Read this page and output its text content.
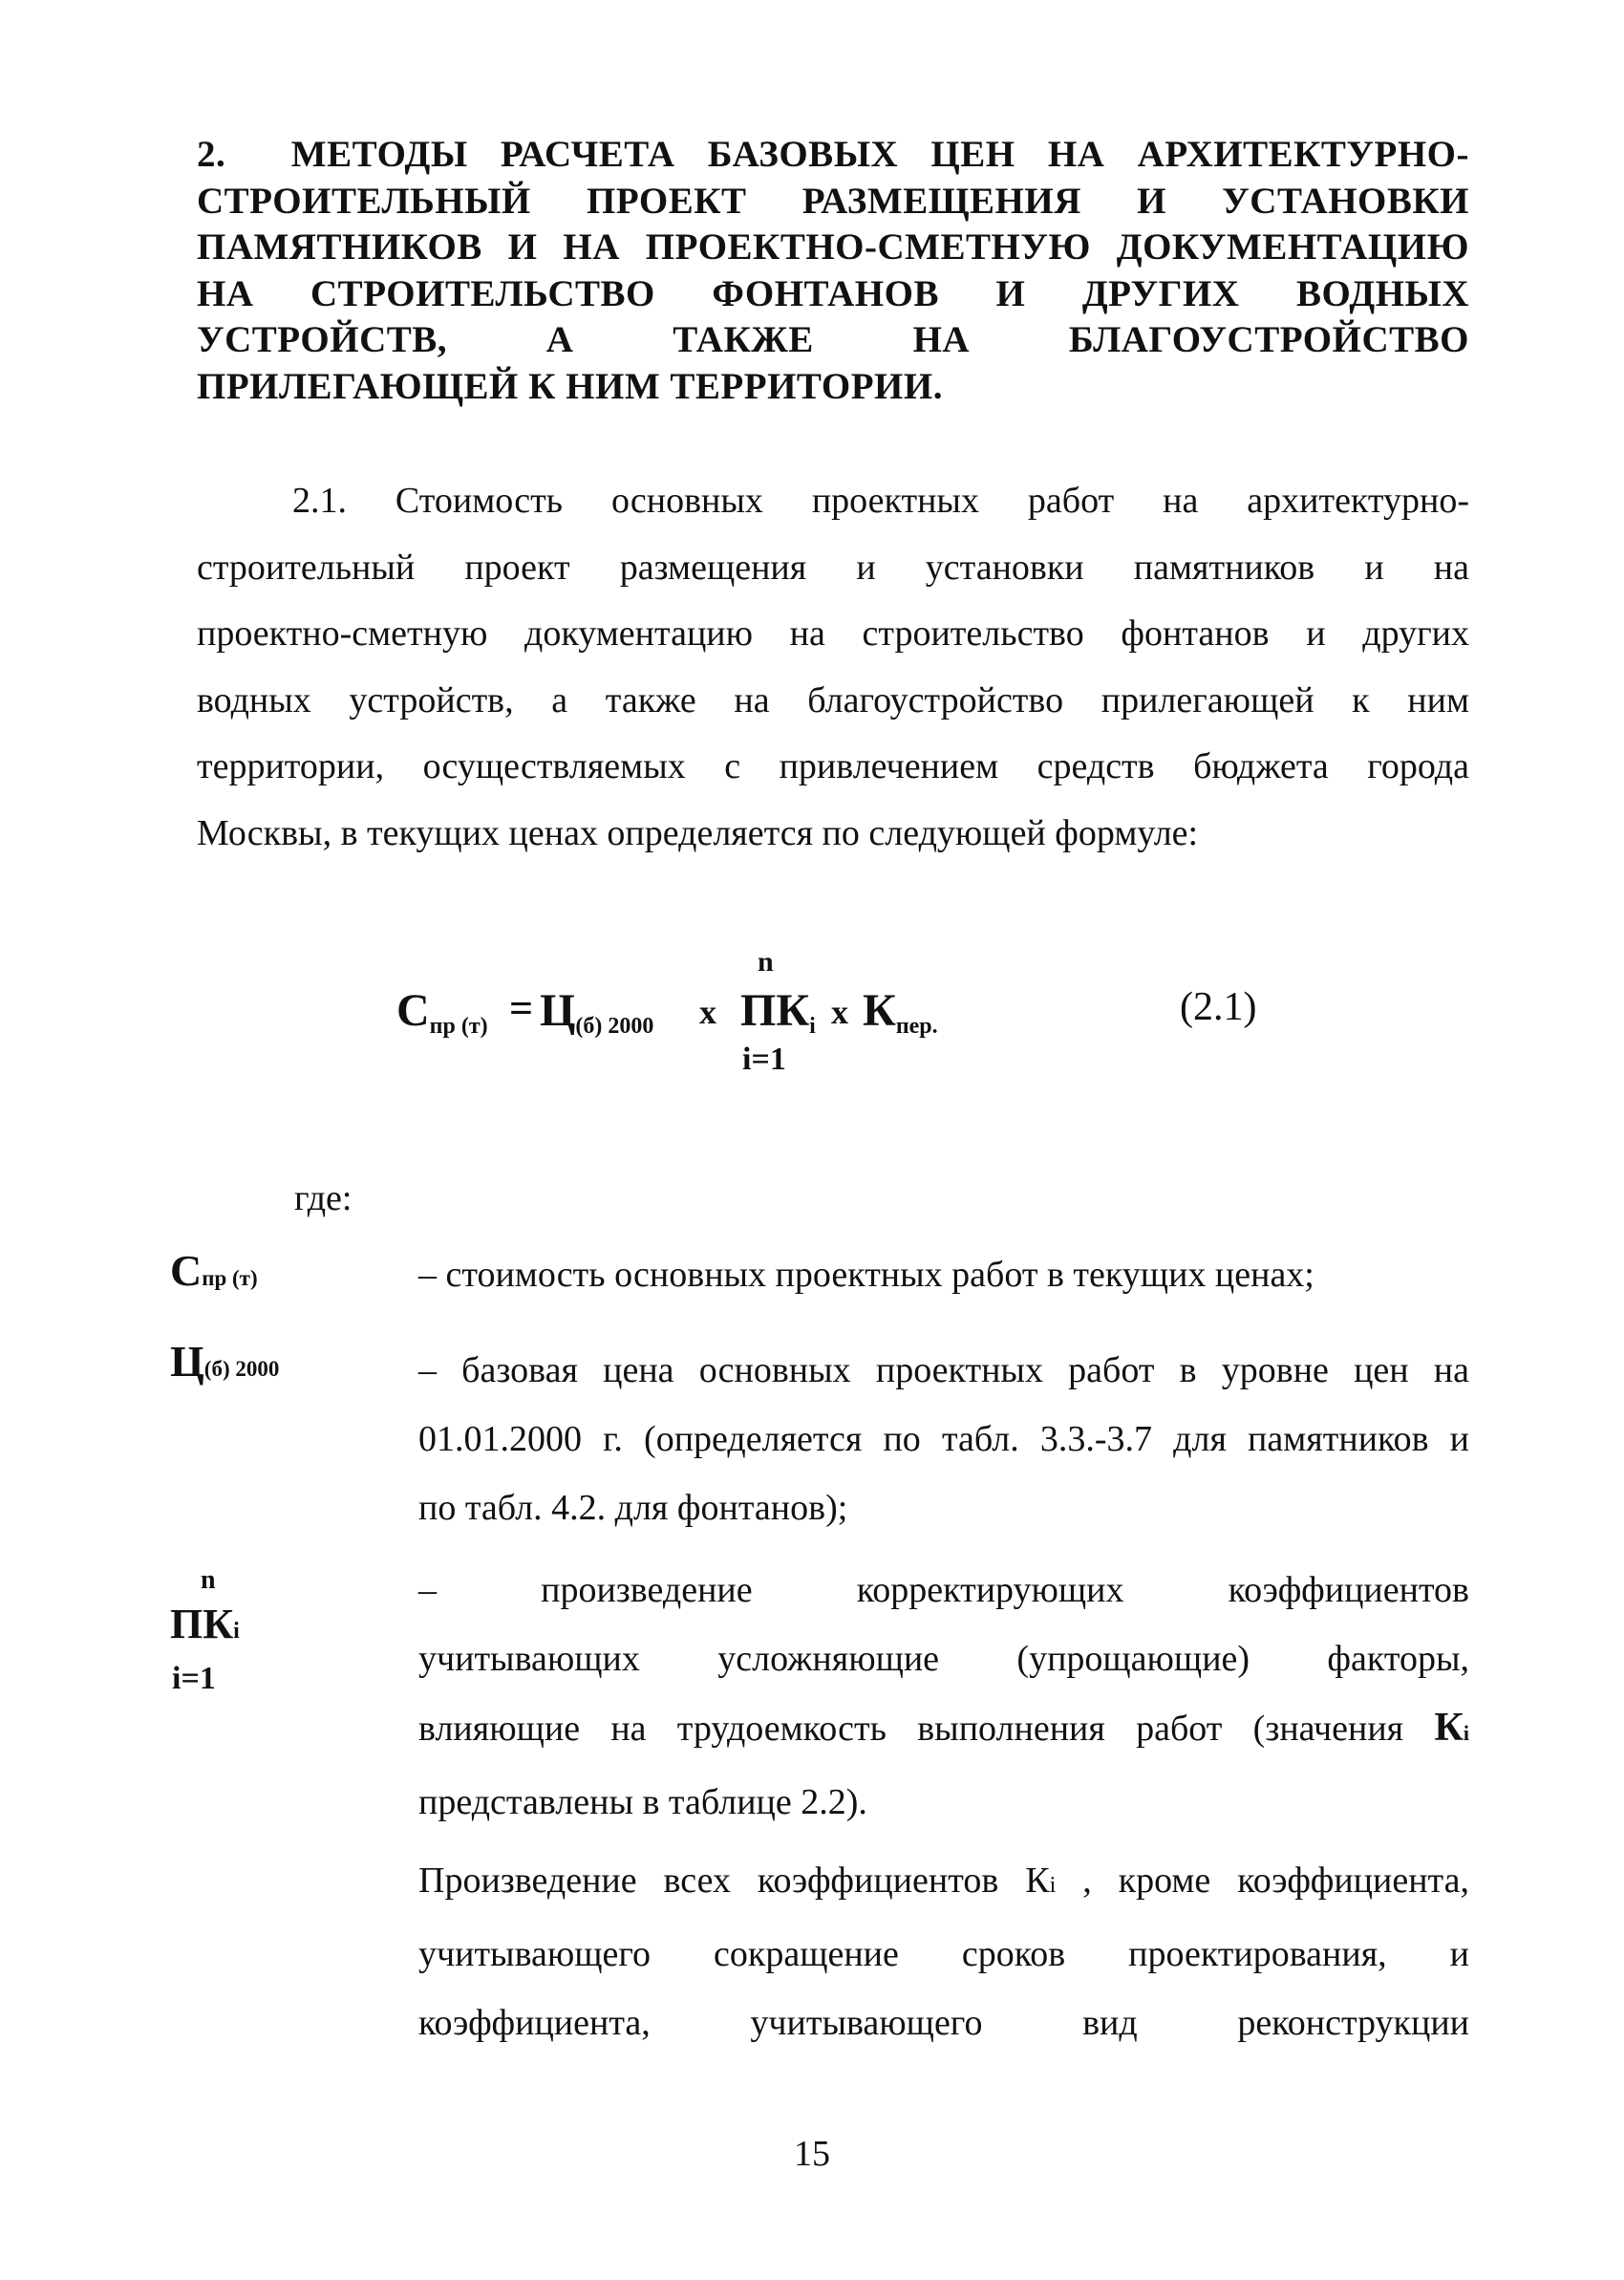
2.  МЕТОДЫ РАСЧЕТА БАЗОВЫХ ЦЕН НА АРХИТЕКТУРНО-
СТРОИТЕЛЬНЫЙ ПРОЕКТ РАЗМЕЩЕНИЯ И УСТАНОВКИ
ПАМЯТНИКОВ И НА ПРОЕКТНО-СМЕТНУЮ ДОКУМЕНТАЦИЮ
НА СТРОИТЕЛЬСТВО ФОНТАНОВ И ДРУГИХ ВОДНЫХ
УСТРОЙСТВ, А ТАКЖЕ НА БЛАГОУСТРОЙСТВО
ПРИЛЕГАЮЩЕЙ К НИМ ТЕРРИТОРИИ.
2.1. Стоимость основных проектных работ на архитектурно-
строительный проект размещения и установки памятников и на
проектно-сметную документацию на строительство фонтанов и других
водных устройств, а также на благоустройство прилегающей к ним
территории, осуществляемых с привлечением средств бюджета города
Москвы, в текущих ценах определяется по следующей формуле:
Спр (т) = Ц(б) 2000 х
n
ПКi
i=1
х Кпер.	(2.1)
где:
Спр (т)	– стоимость основных проектных работ в текущих ценах;
Ц(б) 2000	– базовая цена основных проектных работ в уровне цен на
01.01.2000 г. (определяется по табл. 3.3.-3.7 для памятников и
по табл. 4.2. для фонтанов);
n
ПКi
i=1
– произведение корректирующих коэффициентов
учитывающих усложняющие (упрощающие) факторы,
влияющие на трудоемкость выполнения работ (значения Кi
представлены в таблице 2.2).
Произведение всех коэффициентов Кi , кроме коэффициента,
учитывающего сокращение сроков проектирования, и
коэффициента, учитывающего вид реконструкции
15
